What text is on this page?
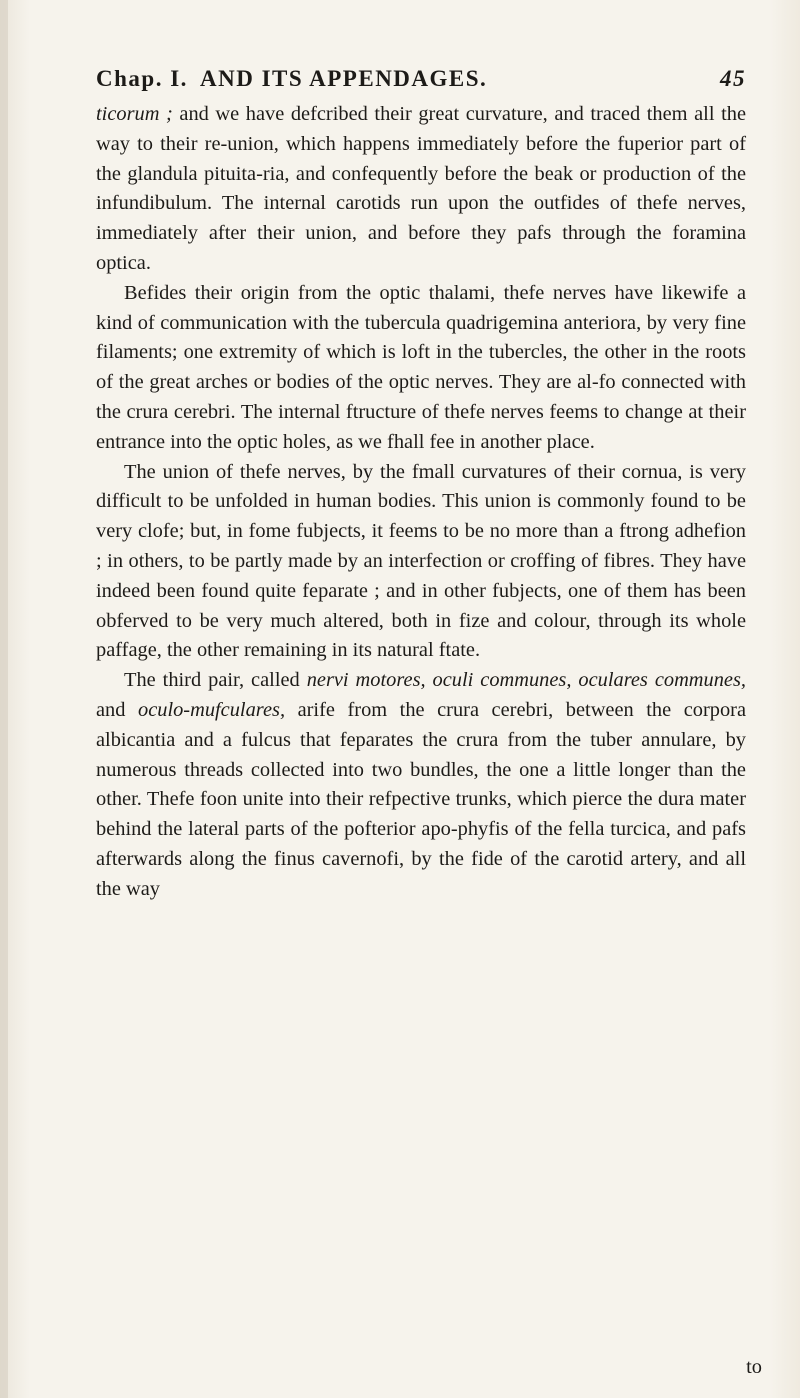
Chap. I. AND ITS APPENDAGES.	45

ticorum ; and we have defcribed their great curvature, and traced them all the way to their re-union, which happens immediately before the fuperior part of the glandula pituita-ria, and confequently before the beak or production of the infundibulum. The internal carotids run upon the outfides of thefe nerves, immediately after their union, and before they pafs through the foramina optica.

Befides their origin from the optic thalami, thefe nerves have likewife a kind of communication with the tubercula quadrigemina anteriora, by very fine filaments; one extremity of which is loft in the tubercles, the other in the roots of the great arches or bodies of the optic nerves. They are al-fo connected with the crura cerebri. The internal ftructure of thefe nerves feems to change at their entrance into the optic holes, as we fhall fee in another place.

The union of thefe nerves, by the fmall curvatures of their cornua, is very difficult to be unfolded in human bodies. This union is commonly found to be very clofe; but, in fome fubjects, it feems to be no more than a ftrong adhefion ; in others, to be partly made by an interfection or croffing of fibres. They have indeed been found quite feparate ; and in other fubjects, one of them has been obferved to be very much altered, both in fize and colour, through its whole paffage, the other remaining in its natural ftate.

The third pair, called nervi motores, oculi communes, oculares communes, and oculo-mufculares, arife from the crura cerebri, between the corpora albicantia and a fulcus that feparates the crura from the tuber annulare, by numerous threads collected into two bundles, the one a little longer than the other. Thefe foon unite into their refpective trunks, which pierce the dura mater behind the lateral parts of the pofterior apo-phyfis of the fella turcica, and pafs afterwards along the finus cavernofi, by the fide of the carotid artery, and all the way

to
